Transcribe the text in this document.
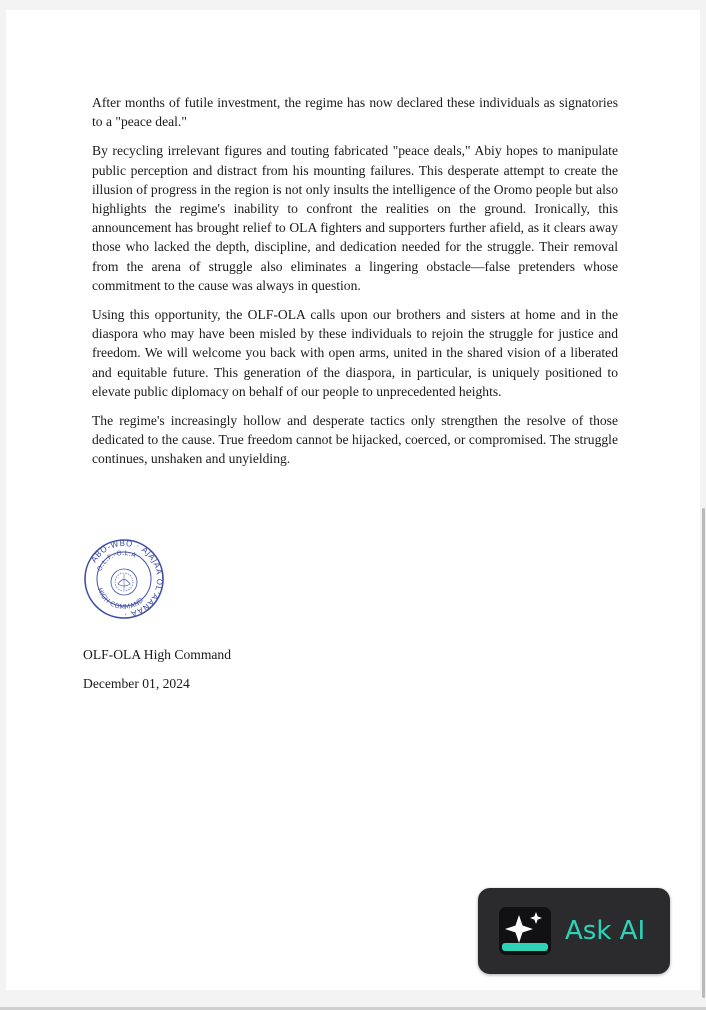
After months of futile investment, the regime has now declared these individuals as signatories to a "peace deal."

By recycling irrelevant figures and touting fabricated "peace deals," Abiy hopes to manipulate public perception and distract from his mounting failures. This desperate attempt to create the illusion of progress in the region is not only insults the intelligence of the Oromo people but also highlights the regime's inability to confront the realities on the ground. Ironically, this announcement has brought relief to OLA fighters and supporters further afield, as it clears away those who lacked the depth, discipline, and dedication needed for the struggle. Their removal from the arena of struggle also eliminates a lingering obstacle—false pretenders whose commitment to the cause was always in question.

Using this opportunity, the OLF-OLA calls upon our brothers and sisters at home and in the diaspora who may have been misled by these individuals to rejoin the struggle for justice and freedom. We will welcome you back with open arms, united in the shared vision of a liberated and equitable future. This generation of the diaspora, in particular, is uniquely positioned to elevate public diplomacy on behalf of our people to unprecedented heights.

The regime's increasingly hollow and desperate tactics only strengthen the resolve of those dedicated to the cause. True freedom cannot be hijacked, coerced, or compromised. The struggle continues, unshaken and unyielding.

ABO-WBO · AJAJAA OL'AANAA ·
O.L.F.-O.L.A
HIGH COMMAND
OLF-OLA High Command
December 01, 2024
Ask AI
